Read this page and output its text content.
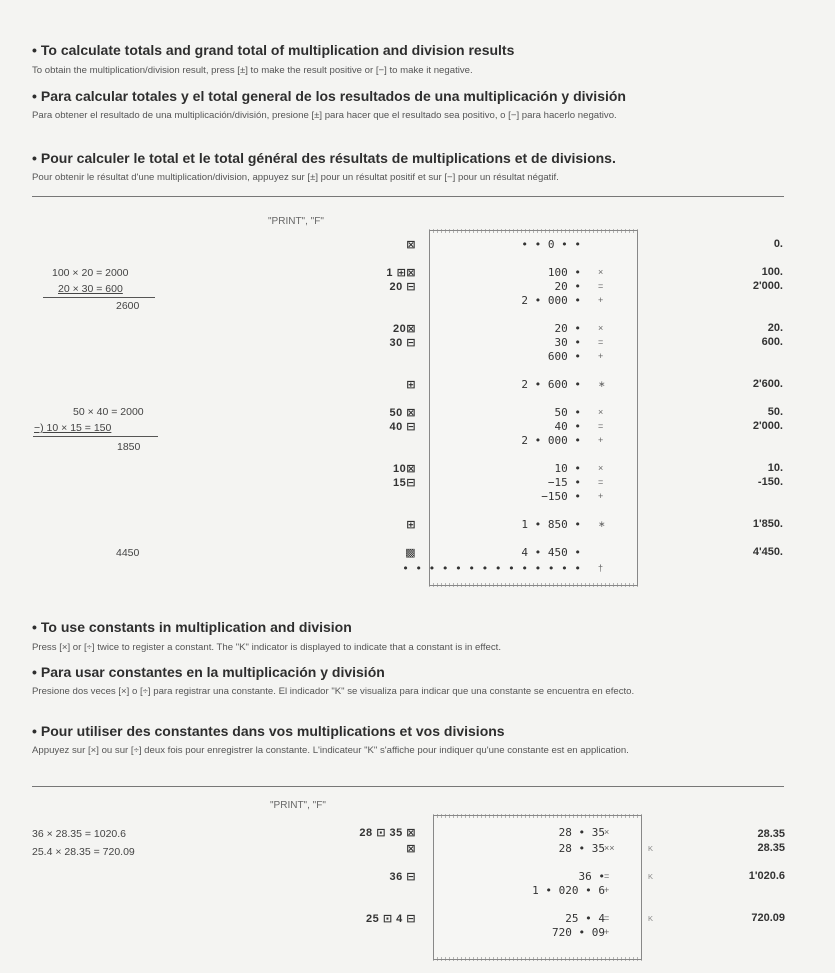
• To calculate totals and grand total of multiplication and division results
To obtain the multiplication/division result, press [±] to make the result positive or [−] to make it negative.
• Para calcular totales y el total general de los resultados de una multiplicación y división
Para obtener el resultado de una multiplicación/división, presione [±] para hacer que el resultado sea positivo, o [−] para hacerlo negativo.
• Pour calculer le total et le total général des résultats de multiplications et de divisions.
Pour obtenir le résultat d'une multiplication/division, appuyez sur [±] pour un résultat positif et sur [−] pour un résultat négatif.
"PRINT", "F"
100 × 20 = 2000
20 × 30 = 600
2600
50 × 40 = 2000
−) 10 × 15 = 150
1850
4450
⊠
1 ⊞⊠
20 ⊟
20⊠
30 ⊟
⊞
50 ⊠
40 ⊟
10⊠
15⊟
⊞
▩
• • 0 • •
100 • ×
20 • =
2 • 000 • +
20 • ×
30 • =
600 • +
2 • 600 • ∗
50 • ×
40 • =
2 • 000 • +
10 • ×
−15 • =
−150 • +
1 • 850 • ∗
4 • 450 •
• • • • • • • • • • • • • • †
0.
100.
2'000.
20.
600.
2'600.
50.
2'000.
10.
-150.
1'850.
4'450.
• To use constants in multiplication and division
Press [×] or [÷] twice to register a constant. The "K" indicator is displayed to indicate that a constant is in effect.
• Para usar constantes en la multiplicación y división
Presione dos veces [×] o [÷] para registrar una constante. El indicador "K" se visualiza para indicar que una constante se encuentra en efecto.
• Pour utiliser des constantes dans vos multiplications et vos divisions
Appuyez sur [×] ou sur [÷] deux fois pour enregistrer la constante. L'indicateur "K" s'affiche pour indiquer qu'une constante est en application.
"PRINT", "F"
36 × 28.35 = 1020.6
25.4 × 28.35 = 720.09
28 ⊡ 35 ⊠
⊠
36 ⊟
25 ⊡ 4 ⊟
28 • 35 ×
28 • 35 ××
36 • =
1 • 020 • 6 +
25 • 4 =
720 • 09 +
K
K
K
28.35
28.35
1'020.6
720.09
